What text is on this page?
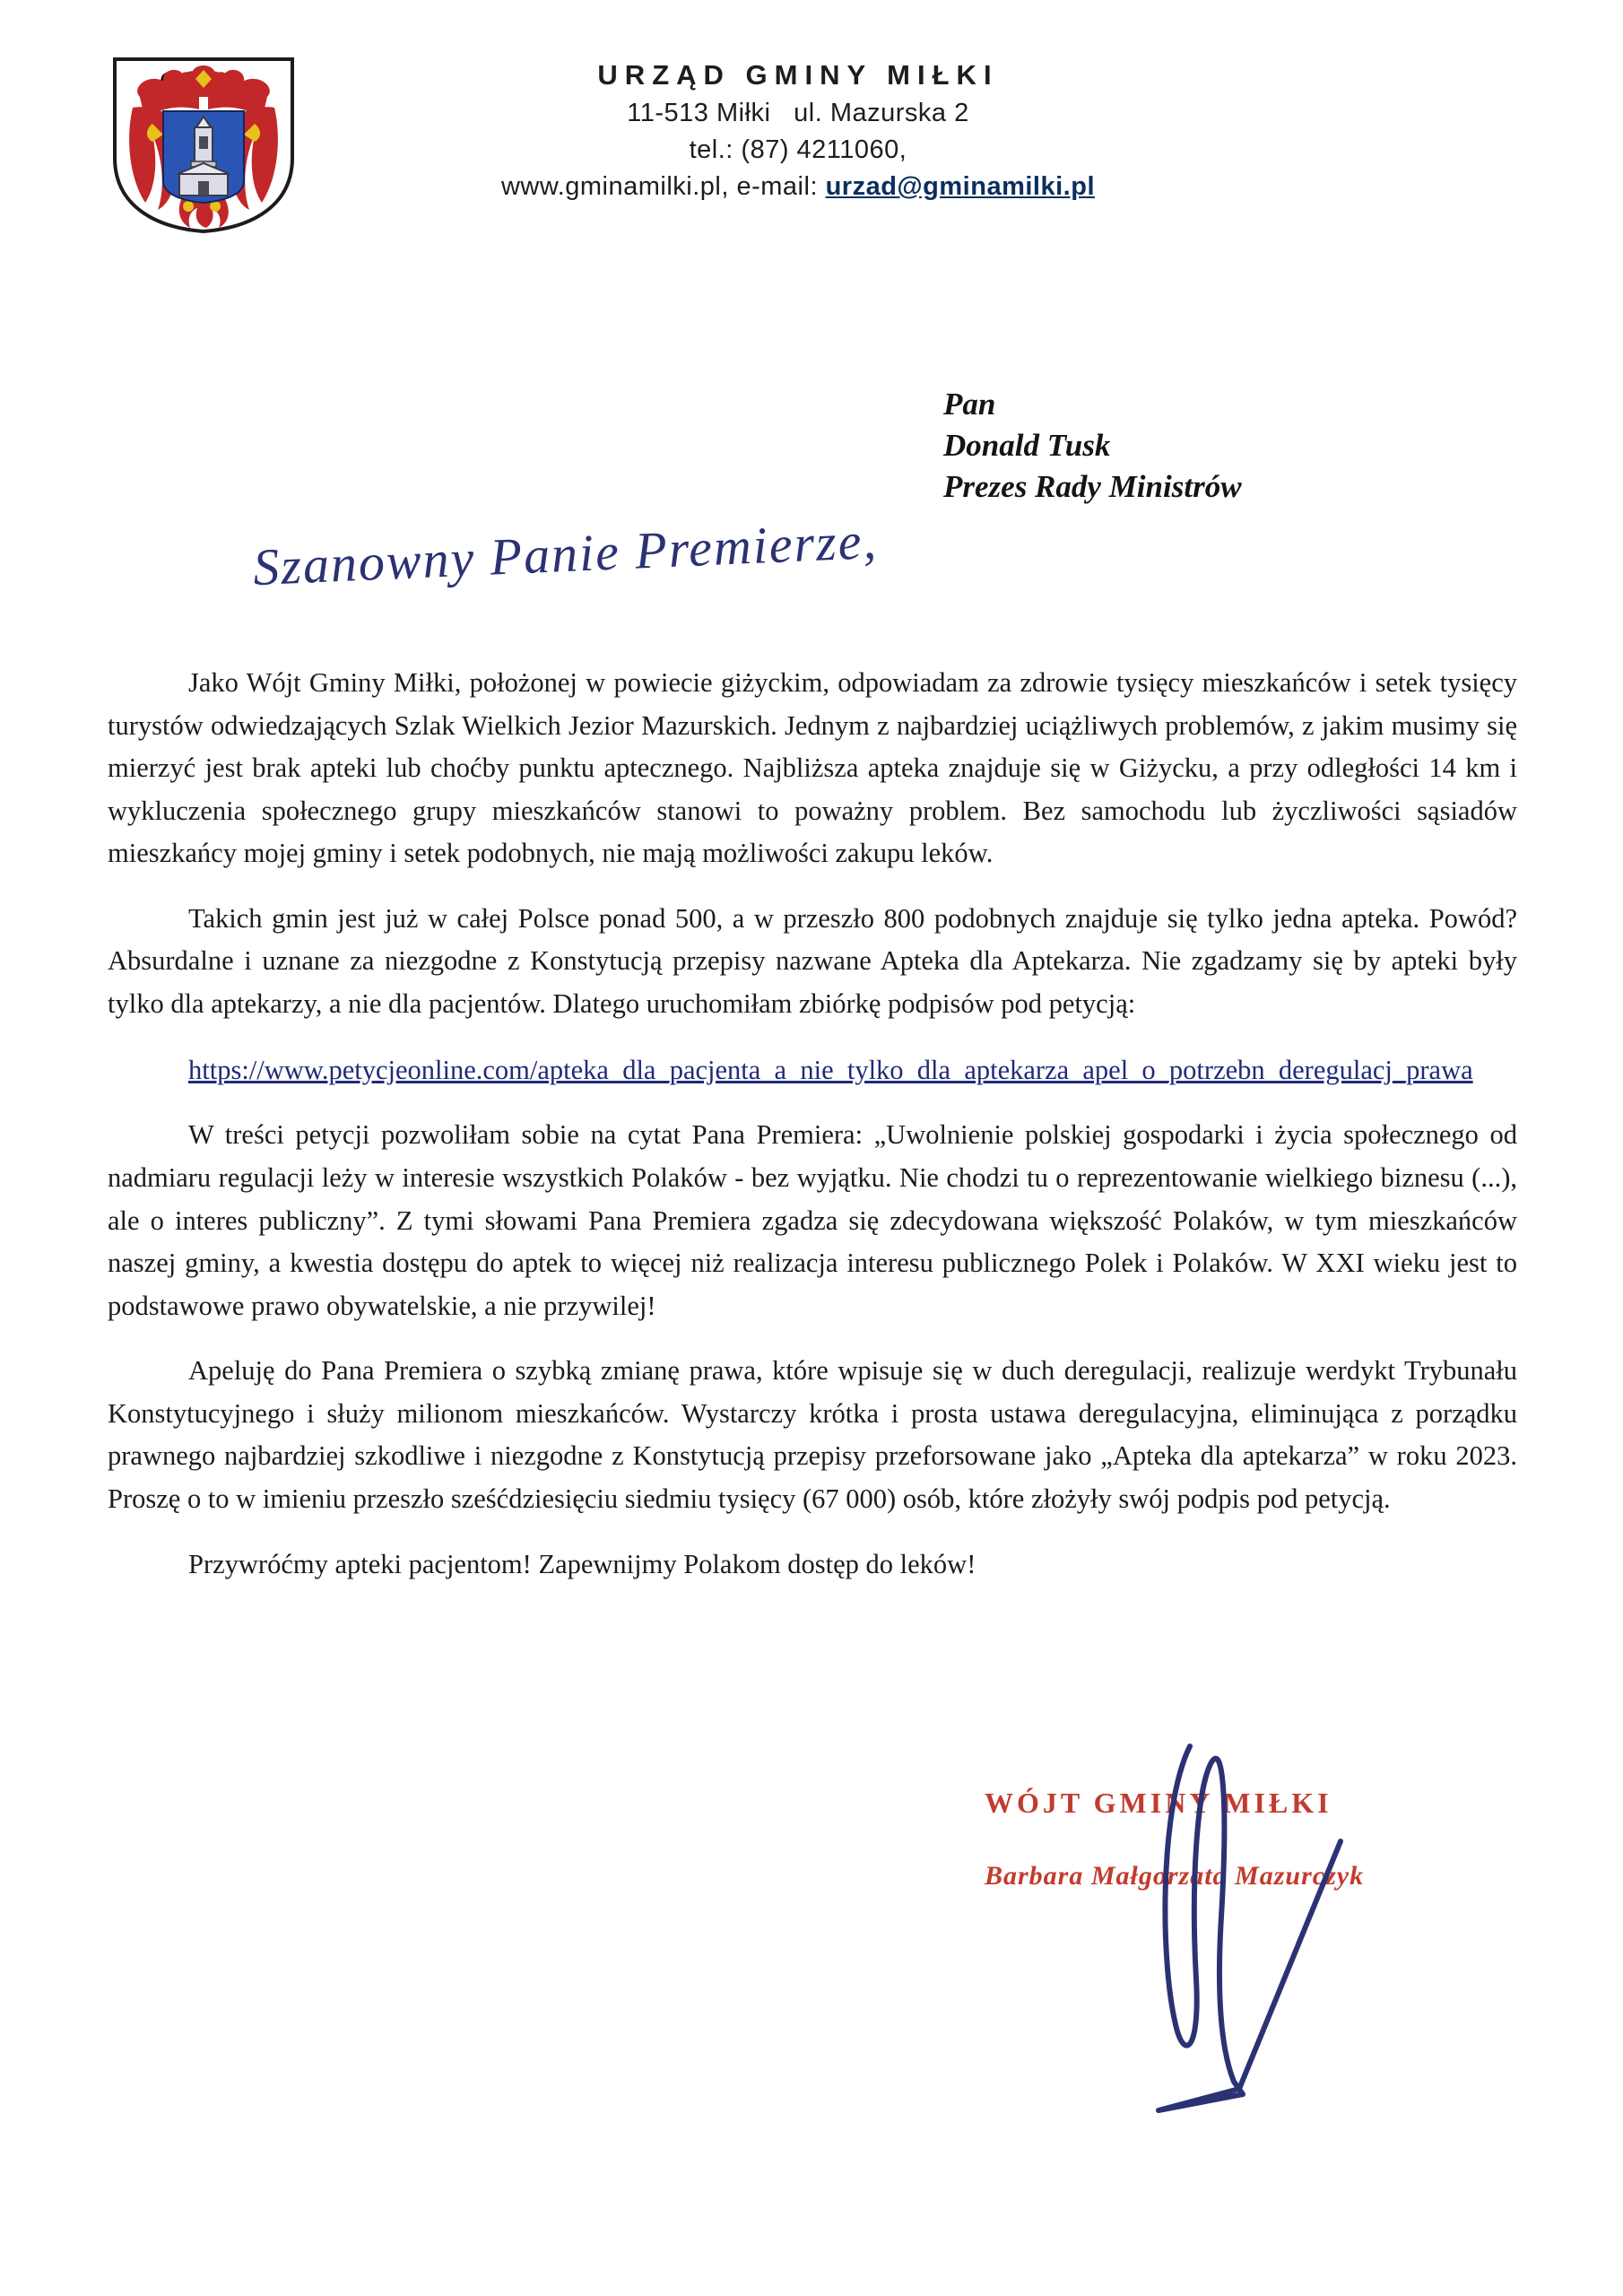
URZĄD GMINY MIŁKI
11-513 Miłki   ul. Mazurska 2
tel.: (87) 4211060,
www.gminamilki.pl, e-mail: urzad@gminamilki.pl
Pan
Donald Tusk
Prezes Rady Ministrów
Szanowny Panie Premierze,

Jako Wójt Gminy Miłki, położonej w powiecie giżyckim, odpowiadam za zdrowie tysięcy mieszkańców i setek tysięcy turystów odwiedzających Szlak Wielkich Jezior Mazurskich. Jednym z najbardziej uciążliwych problemów, z jakim musimy się mierzyć jest brak apteki lub choćby punktu aptecznego. Najbliższa apteka znajduje się w Giżycku, a przy odległości 14 km i wykluczenia społecznego grupy mieszkańców stanowi to poważny problem. Bez samochodu lub życzliwości sąsiadów mieszkańcy mojej gminy i setek podobnych, nie mają możliwości zakupu leków.

Takich gmin jest już w całej Polsce ponad 500, a w przeszło 800 podobnych znajduje się tylko jedna apteka. Powód? Absurdalne i uznane za niezgodne z Konstytucją przepisy nazwane Apteka dla Aptekarza. Nie zgadzamy się by apteki były tylko dla aptekarzy, a nie dla pacjentów. Dlatego uruchomiłam zbiórkę podpisów pod petycją:

https://www.petycjeonline.com/apteka_dla_pacjenta_a_nie_tylko_dla_aptekarza_apel_o_potrzebn_deregulacj_prawa

W treści petycji pozwoliłam sobie na cytat Pana Premiera: „Uwolnienie polskiej gospodarki i życia społecznego od nadmiaru regulacji leży w interesie wszystkich Polaków - bez wyjątku. Nie chodzi tu o reprezentowanie wielkiego biznesu (...), ale o interes publiczny”. Z tymi słowami Pana Premiera zgadza się zdecydowana większość Polaków, w tym mieszkańców naszej gminy, a kwestia dostępu do aptek to więcej niż realizacja interesu publicznego Polek i Polaków. W XXI wieku jest to podstawowe prawo obywatelskie, a nie przywilej!

Apeluję do Pana Premiera o szybką zmianę prawa, które wpisuje się w duch deregulacji, realizuje werdykt Trybunału Konstytucyjnego i służy milionom mieszkańców. Wystarczy krótka i prosta ustawa deregulacyjna, eliminująca z porządku prawnego najbardziej szkodliwe i niezgodne z Konstytucją przepisy przeforsowane jako „Apteka dla aptekarza” w roku 2023. Proszę o to w imieniu przeszło sześćdziesięciu siedmiu tysięcy (67 000) osób, które złożyły swój podpis pod petycją.

Przywróćmy apteki pacjentom! Zapewnijmy Polakom dostęp do leków!

WÓJT GMINY MIŁKI
Barbara Małgorzata Mazurczyk
